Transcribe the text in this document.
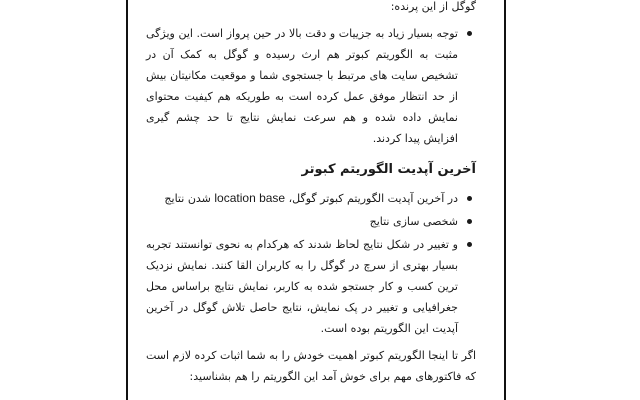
گوگل از این پرنده:

توجه بسیار زیاد به جزییات و دقت بالا در حین پرواز است. این ویژگی مثبت به الگوریتم کبوتر هم ارث رسیده و گوگل به کمک آن در تشخیص سایت های مرتبط با جستجوی شما و موقعیت مکانیتان بیش از حد انتظار موفق عمل کرده است به طوریکه هم کیفیت محتوای نمایش داده شده و هم سرعت نمایش نتایج تا حد چشم گیری افزایش پیدا کردند.
آخرین آپدیت الگوریتم کبوتر
در آخرین آپدیت الگوریتم کبوتر گوگل، location base شدن نتایج
شخصی سازی نتایج
و تغییر در شکل نتایج لحاظ شدند که هرکدام به نحوی توانستند تجربه بسیار بهتری از سرچ در گوگل را به کاربران القا کنند. نمایش نزدیک ترین کسب و کار جستجو شده به کاربر، نمایش نتایج براساس محل جغرافیایی و تغییر در پک نمایش، نتایج حاصل تلاش گوگل در آخرین آپدیت این الگوریتم بوده است.

اگر تا اینجا الگوریتم کبوتر اهمیت خودش را به شما اثبات کرده لازم است که فاکتورهای مهم برای خوش آمد این الگوریتم را هم بشناسید:
